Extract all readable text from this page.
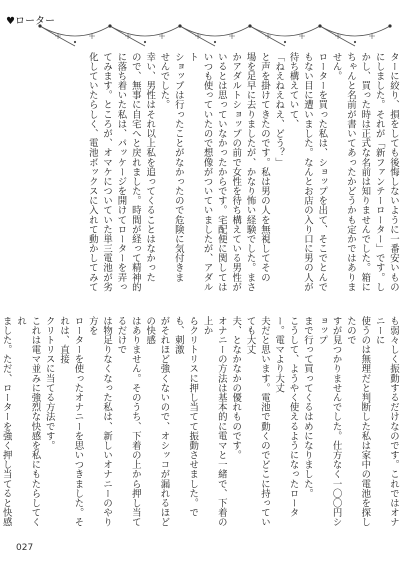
♥ローター

ターに絞り、損をしても後悔しないように一番安いもの

にしました。それが「新ファンテーローター」です。し

かし、買った時は正式な名前は知りませんでした。箱に

ちゃんと名前が書いてあったかどうかも定かではありま

せん。

ローターを買った私は、ショップを出て、そこでとんで

もない目に遭いました。なんとお店の入り口に男の人が

待ち構えていて、

「ねえねえねえ、どう？」

と声を掛けてきたのです。私は男の人を無視してその

場を足早に去りましたが、かなり怖い経験でした。まさ

かアダルトショップの前で女性を待ち構えている男性が

いるとは思っていなかったからです。宅配便に関しては

いつも使っていたので想像がついていましたが、アダルト

ショップは行ったことがなかったので危険に気付きま

せんでした。

幸い、男性はそれ以上私を追ってくることはなかった

ので、無事に自宅へと戻れました。時間が経って精神的

に落ち着いた私は、パッケージを開けてローターを弄っ

てみます。ところが、オマケについていた単三電池が劣

化していたらしく、電池ボックスに入れて動かしてみて

も弱々しく振動するだけなのです。これではオナニーに

使うのは無理だと判断した私は家中の電池を探したので

すが見つかりませんでした。仕方なく一〇〇円ショップ

まで行って買ってくるはめになりました。

こうして、ようやく使えるようになったローター。電マより大丈

夫だと思います。電池で動くのでどこに持っていても大丈

夫、となかなかの優れものです。

オナニーの方法は基本的に電マと一緒で、下着の上か

らクリトリスに押し当てて振動させました。でも、刺激

がそれほど強くないので、オシッコが漏れるほどの快感

はありません。そのうち、下着の上から押し当てるだけで

は物足りなくなった私は、新しいオナニーのやり方を

ローターを使ったオナニーを思いつきました。それは、直接

クリトリスに当てる方法です。

これは電マ並みに強烈な快感を私にもたらしてくれ

ました。ただ、ローターを強く押し当てると快感

027
